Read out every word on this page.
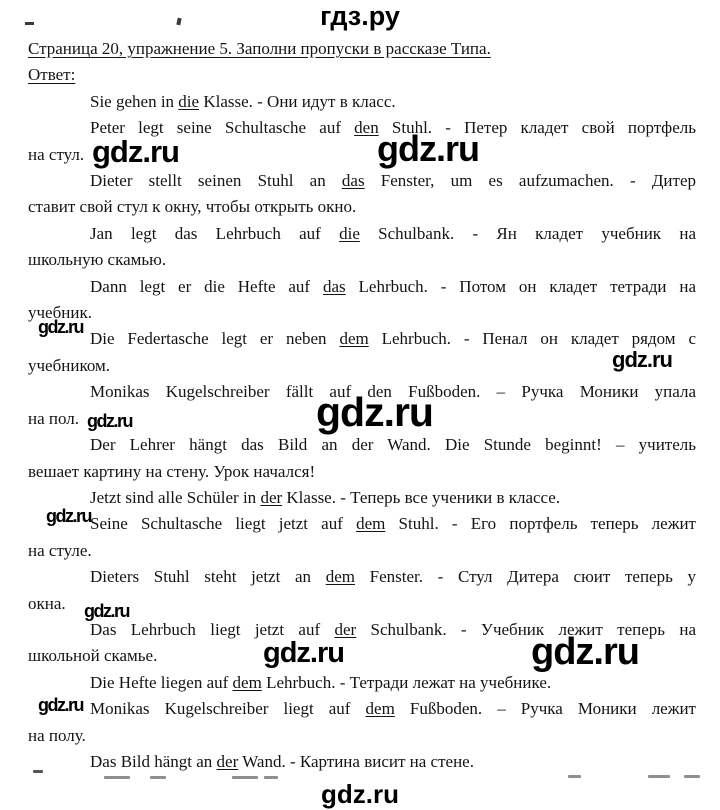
гдз.ру
Страница 20, упражнение 5. Заполни пропуски в рассказе Типа.
Ответ:
Sie gehen in die Klasse. - Они идут в класс.
Peter legt seine Schultasche auf den Stuhl. - Петер кладет свой портфель
на стул.
Dieter stellt seinen Stuhl an das Fenster, um es aufzumachen. - Дитер
ставит свой стул к окну, чтобы открыть окно.
Jan legt das Lehrbuch auf die Schulbank. - Ян кладет учебник на
школьную скамью.
Dann legt er die Hefte auf das Lehrbuch. - Потом он кладет тетради на
учебник.
Die Federtasche legt er neben dem Lehrbuch. - Пенал он кладет рядом с
учебником.
Monikas Kugelschreiber fällt auf den Fußboden. – Ручка Моники упала
на пол.
Der Lehrer hängt das Bild an der Wand. Die Stunde beginnt! – учитель
вешает картину на стену. Урок начался!
Jetzt sind alle Schüler in der Klasse. - Теперь все ученики в классе.
Seine Schultasche liegt jetzt auf dem Stuhl. - Его портфель теперь лежит
на стуле.
Dieters Stuhl steht jetzt an dem Fenster. - Стул Дитера сюит теперь у
окна.
Das Lehrbuch liegt jetzt auf der Schulbank. - Учебник лежит теперь на
школьной скамье.
Die Hefte liegen auf dem Lehrbuch. - Тетради лежат на учебнике.
Monikas Kugelschreiber liegt auf dem Fußboden. – Ручка Моники лежит
на полу.
Das Bild hängt an der Wand. - Картина висит на стене.
gdz.ru	gdz.ru
gdz.ru
gdz.ru
gdz.ru	gdz.ru
gdz.ru
gdz.ru
gdz.ru	gdz.ru
gdz.ru
gdz.ru
